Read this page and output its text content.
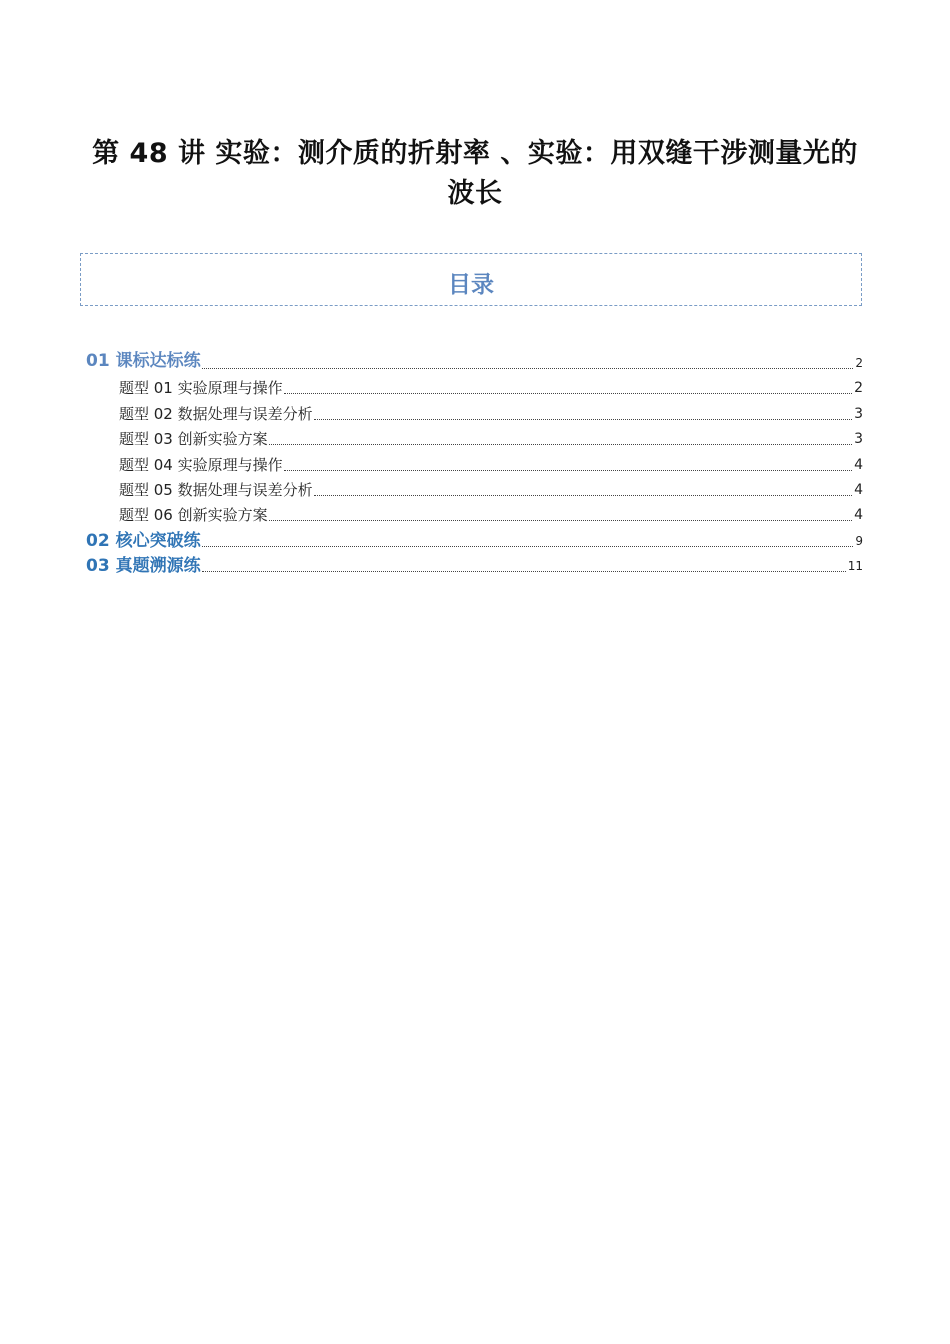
第 48 讲 实验：测介质的折射率 、实验：用双缝干涉测量光的波长
目录
01 课标达标练	2
题型 01 实验原理与操作	2
题型 02 数据处理与误差分析	3
题型 03 创新实验方案	3
题型 04 实验原理与操作	4
题型 05 数据处理与误差分析	4
题型 06 创新实验方案	4
02 核心突破练	9
03 真题溯源练	11
